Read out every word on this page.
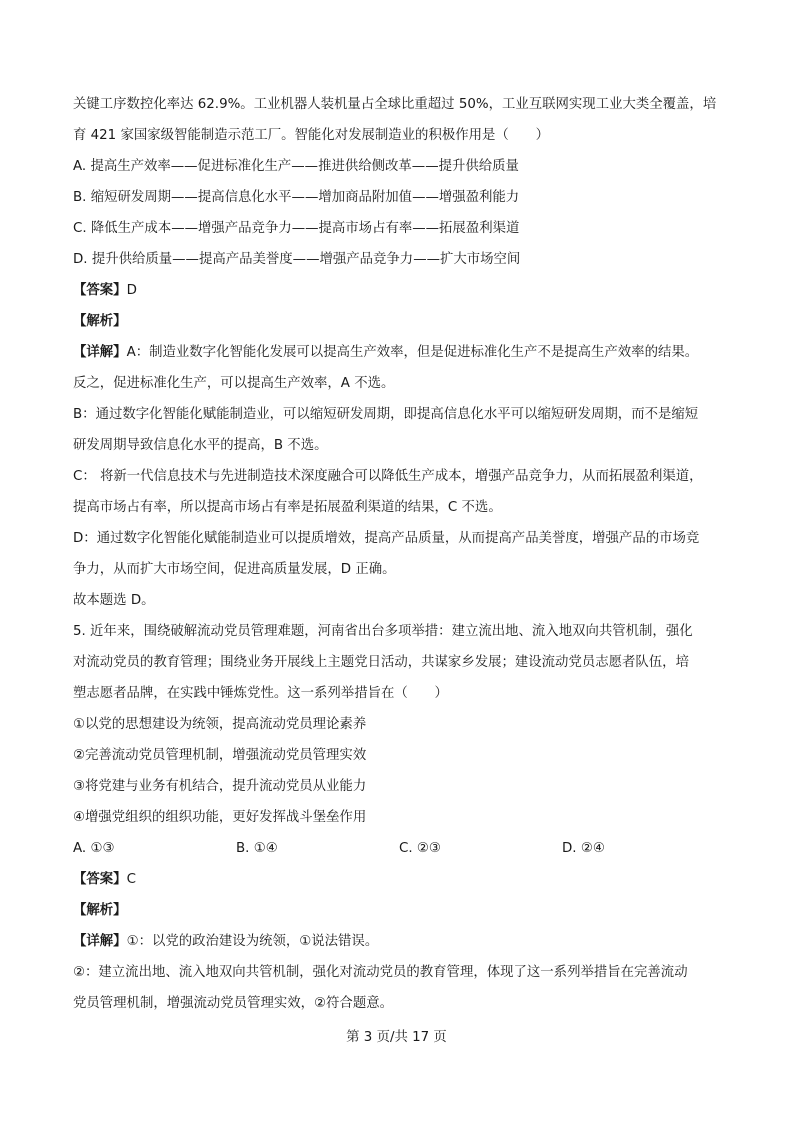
关键工序数控化率达 62.9%。工业机器人装机量占全球比重超过 50%，工业互联网实现工业大类全覆盖，培
育 421 家国家级智能制造示范工厂。智能化对发展制造业的积极作用是（　　）
A. 提高生产效率——促进标准化生产——推进供给侧改革——提升供给质量
B. 缩短研发周期——提高信息化水平——增加商品附加值——增强盈利能力
C. 降低生产成本——增强产品竞争力——提高市场占有率——拓展盈利渠道
D. 提升供给质量——提高产品美誉度——增强产品竞争力——扩大市场空间
【答案】D
【解析】
【详解】A：制造业数字化智能化发展可以提高生产效率，但是促进标准化生产不是提高生产效率的结果。
反之，促进标准化生产，可以提高生产效率，A 不选。
B：通过数字化智能化赋能制造业，可以缩短研发周期，即提高信息化水平可以缩短研发周期，而不是缩短
研发周期导致信息化水平的提高，B 不选。
C： 将新一代信息技术与先进制造技术深度融合可以降低生产成本，增强产品竞争力，从而拓展盈利渠道，
提高市场占有率，所以提高市场占有率是拓展盈利渠道的结果，C 不选。
D：通过数字化智能化赋能制造业可以提质增效，提高产品质量，从而提高产品美誉度，增强产品的市场竞
争力，从而扩大市场空间，促进高质量发展，D 正确。
故本题选 D。
5. 近年来，围绕破解流动党员管理难题，河南省出台多项举措：建立流出地、流入地双向共管机制，强化
对流动党员的教育管理；围绕业务开展线上主题党日活动，共谋家乡发展；建设流动党员志愿者队伍，培
塑志愿者品牌，在实践中锤炼党性。这一系列举措旨在（　　）
①以党的思想建设为统领，提高流动党员理论素养
②完善流动党员管理机制，增强流动党员管理实效
③将党建与业务有机结合，提升流动党员从业能力
④增强党组织的组织功能，更好发挥战斗堡垒作用
A. ①③	B. ①④	C. ②③	D. ②④
【答案】C
【解析】
【详解】①：以党的政治建设为统领，①说法错误。
②：建立流出地、流入地双向共管机制，强化对流动党员的教育管理，体现了这一系列举措旨在完善流动
党员管理机制，增强流动党员管理实效，②符合题意。
第 3 页/共 17 页
